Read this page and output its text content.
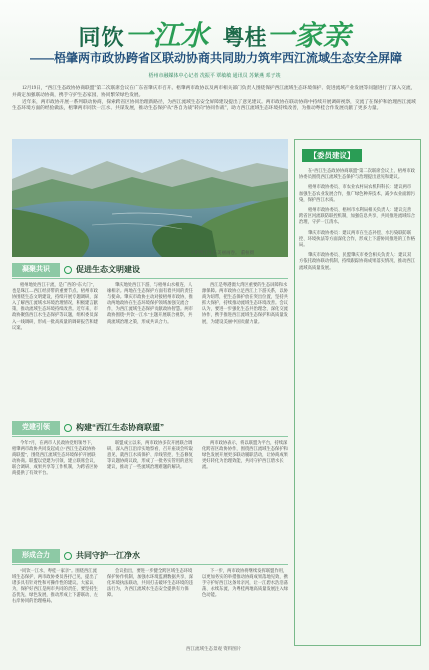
同饮一江水 粤桂一家亲
——梧肇两市政协跨省区联动协商共同助力筑牢西江流域生态安全屏障
梧州市融媒体中心记者 冼振平 覃敏敏 通讯员 苏紫燕 邓子竣

12月19日，“西江生态政协协商联盟”第二次联席会议在广东省肇庆市召开。梧肇两市政协以及两市相关部门负责人围绕保护西江流域生态环境保护、促进流域产业发展等问题进行了深入交流，并商定加强联动协商，携手守护生态家园，协同繁荣绿色发展。

近年来，两市政协开展一系列联动协商，探索跨省区协同治理新路径，为西江流域生态安全屏障建设提出了意见建议。两市政协在联动协商中持续开展调研视察，交流了在保护和治理西江流域生态环境方面的经验做法，梧肇两市同饮一江水、共谋发展，推动生态保护从“各自为战”转向“协同作战”，助力西江流域生态环境持续改善，为推动粤桂合作发展贡献了更多力量。

守护西江生态美丽画卷。 董桓摄
【委员建议】

在“西江生态政协协商联盟”第二次联席会议上，梧州市政协委员围绕西江流域生态保护与治理提出意见和建议。

梧州市政协委员、市农业农村局农机科科长：建议两市加强生态农业发展合作，推广绿色种养技术，减少农业面源污染，保护西江水质。

梧州市政协委员、梧州市水利局相关负责人：建议完善跨省区河流联防联控机制，加强信息共享，共同推进流域综合治理，守护一江清水。

肇庆市政协委员：建议两市在生态补偿、水污染联防联控、环境执法等方面深化合作，形成上下游协同推进的工作格局。

肇庆市政协委员、民盟肇庆市委会相关负责人：建议双方依托政协联动机制，持续跟踪协商成果落实情况，推动西江流域高质量发展。

凝聚共识	促进生态文明建设

梧州地处西江干流，是广西的“东大门”，也是珠江—西江经济带的重要节点。梧州市政协围绕生态文明建设，持续开展专题调研，深入了解西江流域水环境治理情况，积极建言献策，推动流域生态环境持续改善。近年来，市政协聚焦西江水生态保护等议题，组织委员深入一线调研，形成一批高质量的调研报告和建议案。

肇庆地处西江下游，与梧州山水相连、人缘相亲。两地在生态保护方面有着共同的责任与使命。肇庆市政协主动对接梧州市政协，推动两地政协在生态环境保护领域加强交流合作，为西江流域生态保护贡献政协智慧。两市政协围绕“共饮一江水”主题开展联合视察，共商流域治理之策，形成共识合力。

西江是粤港澳大湾区重要的生态屏障和水源保障。两市政协立足西江上下游关系，以协商为纽带，把生态保护放在突出位置，坚持共抓大保护，持续推动流域生态环境改善。会议认为，要进一步强化生态共治理念，深化交流协作，携手推进西江流域生态保护和高质量发展，为建设美丽中国贡献力量。

党建引领	构建“西江生态协商联盟”

今年7月，在两市人民政协党组领导下，梧肇两市政协共同发起成立“西江生态政协协商联盟”，围绕西江流域生态环境保护开展联动协商。联盟以党建为引领，建立联席会议、联合调研、成果共享等工作机制，为跨省区协商提供了有效平台。

联盟成立以来，两市政协多次开展联合调研，深入西江沿岸实地察看，召开座谈会听取意见，就西江水质保护、岸线管控、生态修复等议题协商议政，形成了一批务实管用的意见建议，推动了一些流域治理难题的解决。

两市政协表示，将以联盟为平台，持续深化跨省区政协协作，围绕西江流域生态保护和绿色发展开展更多联动履职活动，让协商成果更好转化为治理效能，共同守护西江碧水长流。

形成合力	共同守护一江净水

“同饮一江水，粤桂一家亲”。围绕西江流域生态保护，两市政协委员各抒己见，提出了诸多具有针对性和可操作性的建议。大家认为，保护好西江是两市共同的责任，要坚持生态优先、绿色发展，推动形成上下游联动、左右岸协同的治理格局。

会议指出，要进一步健全跨区域生态环境保护协作机制，加强水环境监测数据共享，深化环境执法联动，共同打击破坏生态环境的违法行为，为西江流域水生态安全提供有力保障。

下一步，两市政协将继续发挥联盟作用，以更加务实的举措推动协商成果落地见效，携手守护好西江这条母亲河，让一江碧水浩浩荡荡、永续东流，为粤桂两地高质量发展注入绿色动能。

西江流域生态景观 资料图片
